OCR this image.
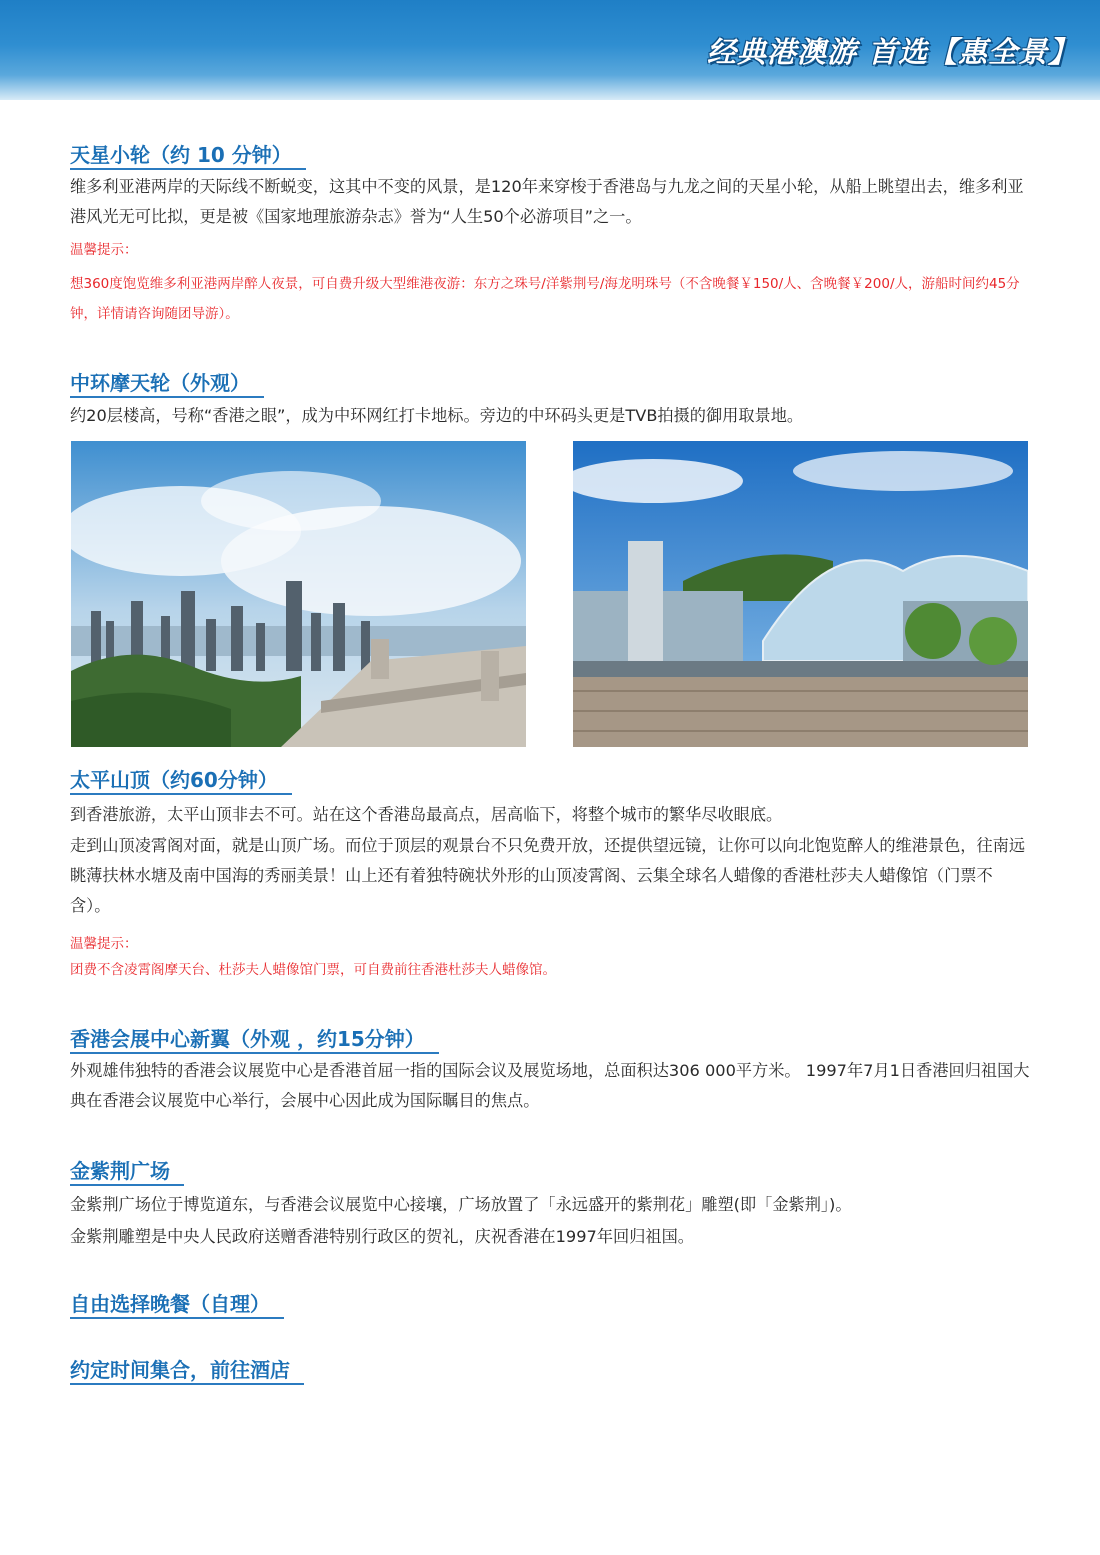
经典港澳游 首选【惠全景】
天星小轮（约 10 分钟）
维多利亚港两岸的天际线不断蜕变，这其中不变的风景，是120年来穿梭于香港岛与九龙之间的天星小轮，从船上眺望出去，维多利亚港风光无可比拟，更是被《国家地理旅游杂志》誉为“人生50个必游项目”之一。
温馨提示：
想360度饱览维多利亚港两岸醉人夜景，可自费升级大型维港夜游：东方之珠号/洋紫荆号/海龙明珠号（不含晚餐￥150/人、含晚餐￥200/人，游船时间约45分钟，详情请咨询随团导游）。
中环摩天轮（外观）
约20层楼高，号称“香港之眼”，成为中环网红打卡地标。旁边的中环码头更是TVB拍摄的御用取景地。
太平山顶（约60分钟）
到香港旅游，太平山顶非去不可。站在这个香港岛最高点，居高临下，将整个城市的繁华尽收眼底。
走到山顶凌霄阁对面，就是山顶广场。而位于顶层的观景台不只免费开放，还提供望远镜，让你可以向北饱览醉人的维港景色，往南远眺薄扶林水塘及南中国海的秀丽美景！山上还有着独特碗状外形的山顶凌霄阁、云集全球名人蜡像的香港杜莎夫人蜡像馆（门票不含）。
温馨提示：
团费不含凌霄阁摩天台、杜莎夫人蜡像馆门票，可自费前往香港杜莎夫人蜡像馆。
香港会展中心新翼（外观 ，约15分钟）
外观雄伟独特的香港会议展览中心是香港首屈一指的国际会议及展览场地，总面积达306 000平方米。 1997年7月1日香港回归祖国大典在香港会议展览中心举行，会展中心因此成为国际瞩目的焦点。
金紫荆广场
金紫荆广场位于博览道东，与香港会议展览中心接壤，广场放置了「永远盛开的紫荆花」雕塑(即「金紫荆」)。
金紫荆雕塑是中央人民政府送赠香港特别行政区的贺礼，庆祝香港在1997年回归祖国。
自由选择晚餐（自理）
约定时间集合，前往酒店
